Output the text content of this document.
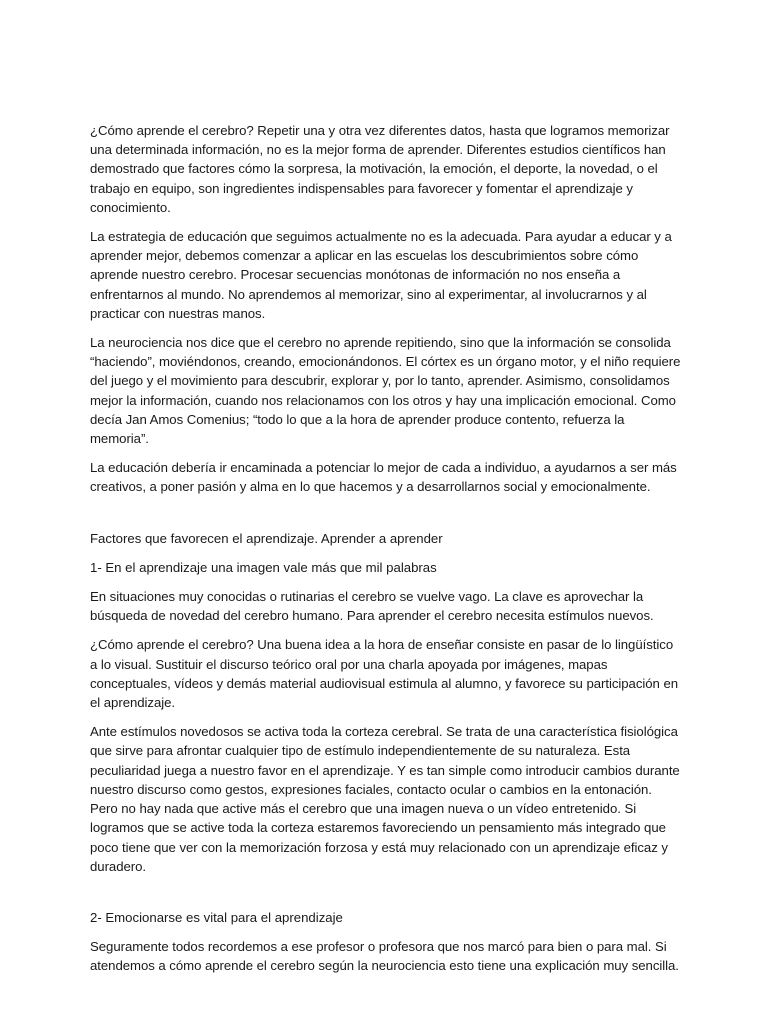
¿Cómo aprende el cerebro? Repetir una y otra vez diferentes datos, hasta que logramos memorizar una determinada información, no es la mejor forma de aprender. Diferentes estudios científicos han demostrado que factores cómo la sorpresa, la motivación, la emoción, el deporte, la novedad, o el trabajo en equipo, son ingredientes indispensables para favorecer y fomentar el aprendizaje y conocimiento.

La estrategia de educación que seguimos actualmente no es la adecuada. Para ayudar a educar y a aprender mejor, debemos comenzar a aplicar en las escuelas los descubrimientos sobre cómo aprende nuestro cerebro. Procesar secuencias monótonas de información no nos enseña a enfrentarnos al mundo. No aprendemos al memorizar, sino al experimentar, al involucrarnos y al practicar con nuestras manos.

La neurociencia nos dice que el cerebro no aprende repitiendo, sino que la información se consolida “haciendo”, moviéndonos, creando, emocionándonos. El córtex es un órgano motor, y el niño requiere del juego y el movimiento para descubrir, explorar y, por lo tanto, aprender. Asimismo, consolidamos mejor la información, cuando nos relacionamos con los otros y hay una implicación emocional. Como decía Jan Amos Comenius; “todo lo que a la hora de aprender produce contento, refuerza la memoria”.

La educación debería ir encaminada a potenciar lo mejor de cada a individuo, a ayudarnos a ser más creativos, a poner pasión y alma en lo que hacemos y a desarrollarnos social y emocionalmente.

Factores que favorecen el aprendizaje. Aprender a aprender

1- En el aprendizaje una imagen vale más que mil palabras

En situaciones muy conocidas o rutinarias el cerebro se vuelve vago. La clave es aprovechar la búsqueda de novedad del cerebro humano. Para aprender el cerebro necesita estímulos nuevos.

¿Cómo aprende el cerebro? Una buena idea a la hora de enseñar consiste en pasar de lo lingüístico a lo visual. Sustituir el discurso teórico oral por una charla apoyada por imágenes, mapas conceptuales, vídeos y demás material audiovisual estimula al alumno, y favorece su participación en el aprendizaje.

Ante estímulos novedosos se activa toda la corteza cerebral. Se trata de una característica fisiológica que sirve para afrontar cualquier tipo de estímulo independientemente de su naturaleza. Esta peculiaridad juega a nuestro favor en el aprendizaje. Y es tan simple como introducir cambios durante nuestro discurso como gestos, expresiones faciales, contacto ocular o cambios en la entonación. Pero no hay nada que active más el cerebro que una imagen nueva o un vídeo entretenido. Si logramos que se active toda la corteza estaremos favoreciendo un pensamiento más integrado que poco tiene que ver con la memorización forzosa y está muy relacionado con un aprendizaje eficaz y duradero.

2- Emocionarse es vital para el aprendizaje

Seguramente todos recordemos a ese profesor o profesora que nos marcó para bien o para mal. Si atendemos a cómo aprende el cerebro según la neurociencia esto tiene una explicación muy sencilla.
